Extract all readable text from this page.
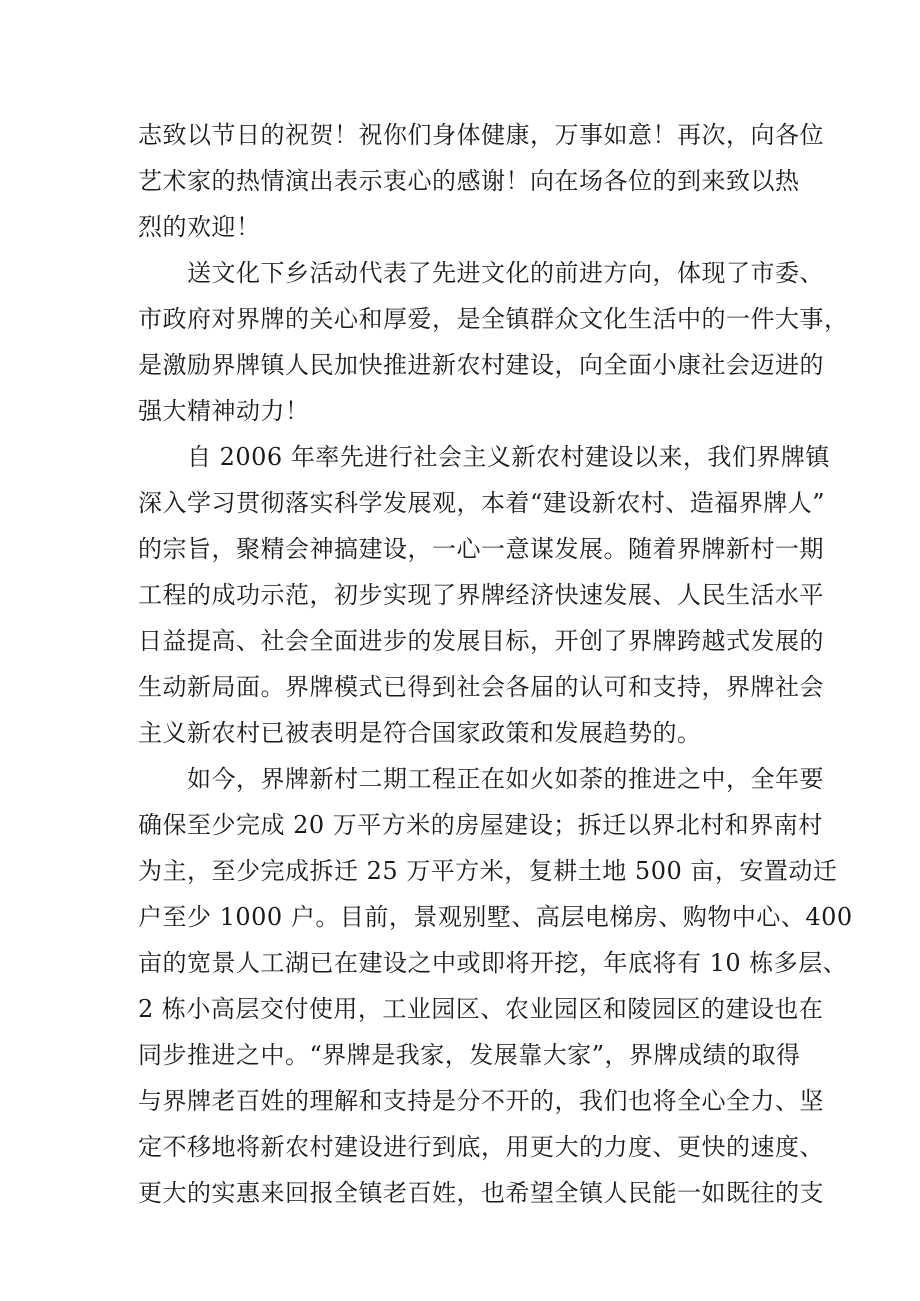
志致以节日的祝贺！祝你们身体健康，万事如意！再次，向各位
艺术家的热情演出表示衷心的感谢！向在场各位的到来致以热
烈的欢迎！
送文化下乡活动代表了先进文化的前进方向，体现了市委、
市政府对界牌的关心和厚爱，是全镇群众文化生活中的一件大事，
是激励界牌镇人民加快推进新农村建设，向全面小康社会迈进的
强大精神动力！
自 2006 年率先进行社会主义新农村建设以来，我们界牌镇
深入学习贯彻落实科学发展观，本着“建设新农村、造福界牌人”
的宗旨，聚精会神搞建设，一心一意谋发展。随着界牌新村一期
工程的成功示范，初步实现了界牌经济快速发展、人民生活水平
日益提高、社会全面进步的发展目标，开创了界牌跨越式发展的
生动新局面。界牌模式已得到社会各届的认可和支持，界牌社会
主义新农村已被表明是符合国家政策和发展趋势的。
如今，界牌新村二期工程正在如火如荼的推进之中，全年要
确保至少完成 20 万平方米的房屋建设；拆迁以界北村和界南村
为主，至少完成拆迁 25 万平方米，复耕土地 500 亩，安置动迁
户至少 1000 户。目前，景观别墅、高层电梯房、购物中心、400
亩的宽景人工湖已在建设之中或即将开挖，年底将有 10 栋多层、
2 栋小高层交付使用，工业园区、农业园区和陵园区的建设也在
同步推进之中。“界牌是我家，发展靠大家”，界牌成绩的取得
与界牌老百姓的理解和支持是分不开的，我们也将全心全力、坚
定不移地将新农村建设进行到底，用更大的力度、更快的速度、
更大的实惠来回报全镇老百姓，也希望全镇人民能一如既往的支
